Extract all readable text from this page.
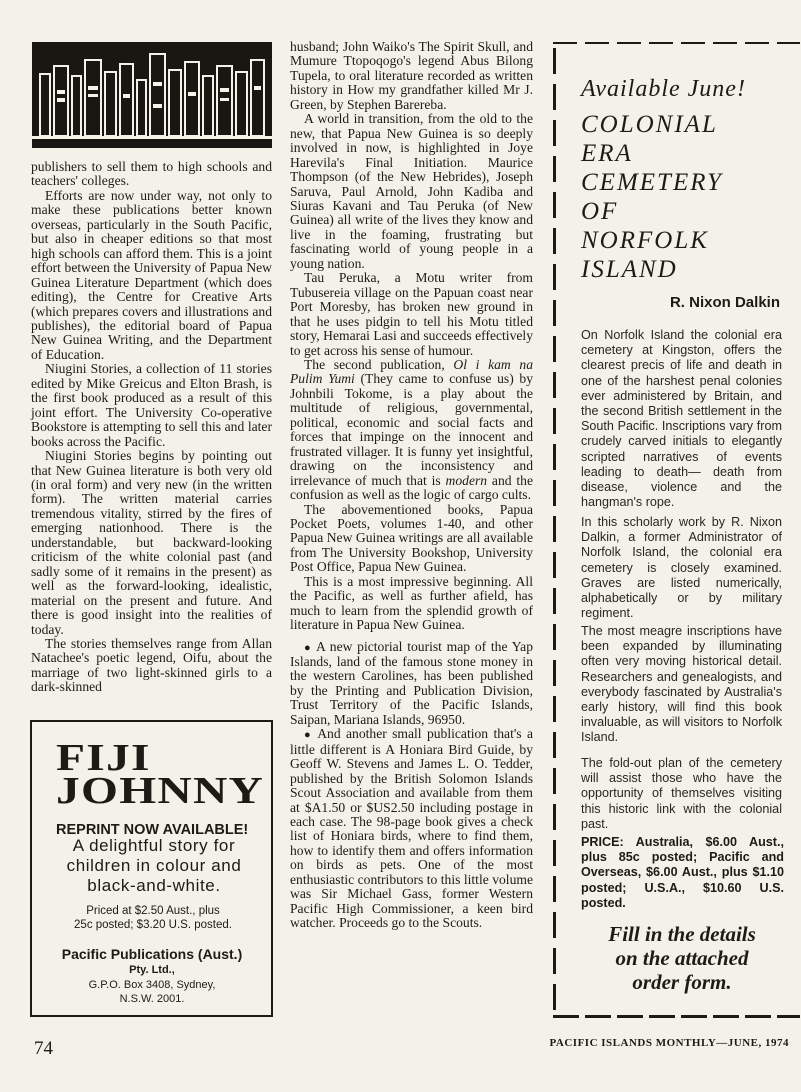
publishers to sell them to high schools and teachers' colleges.

Efforts are now under way, not only to make these publications better known overseas, particularly in the South Pacific, but also in cheaper editions so that most high schools can afford them. This is a joint effort between the University of Papua New Guinea Literature Department (which does editing), the Centre for Creative Arts (which prepares covers and illustrations and publishes), the editorial board of Papua New Guinea Writing, and the Department of Education.

Niugini Stories, a collection of 11 stories edited by Mike Greicus and Elton Brash, is the first book produced as a result of this joint effort. The University Co-operative Bookstore is attempting to sell this and later books across the Pacific.

Niugini Stories begins by pointing out that New Guinea literature is both very old (in oral form) and very new (in the written form). The written material carries tremendous vitality, stirred by the fires of emerging nationhood. There is the understandable, but backward-looking criticism of the white colonial past (and sadly some of it remains in the present) as well as the forward-looking, idealistic, material on the present and future. And there is good insight into the realities of today.

The stories themselves range from Allan Natachee's poetic legend, Oifu, about the marriage of two light-skinned girls to a dark-skinned

husband; John Waiko's The Spirit Skull, and Mumure Ttopoqogo's legend Abus Bilong Tupela, to oral literature recorded as written history in How my grandfather killed Mr J. Green, by Stephen Barereba.

A world in transition, from the old to the new, that Papua New Guinea is so deeply involved in now, is highlighted in Joye Harevila's Final Initiation. Maurice Thompson (of the New Hebrides), Joseph Saruva, Paul Arnold, John Kadiba and Siuras Kavani and Tau Peruka (of New Guinea) all write of the lives they know and live in the foaming, frustrating but fascinating world of young people in a young nation.

Tau Peruka, a Motu writer from Tubusereia village on the Papuan coast near Port Moresby, has broken new ground in that he uses pidgin to tell his Motu titled story, Hemarai Lasi and succeeds effectively to get across his sense of humour.

The second publication, Ol i kam na Pulim Yumi (They came to confuse us) by Johnbili Tokome, is a play about the multitude of religious, governmental, political, economic and social facts and forces that impinge on the innocent and frustrated villager. It is funny yet insightful, drawing on the inconsistency and irrelevance of much that is modern and the confusion as well as the logic of cargo cults.

The abovementioned books, Papua Pocket Poets, volumes 1-40, and other Papua New Guinea writings are all available from The University Bookshop, University Post Office, Papua New Guinea.

This is a most impressive beginning. All the Pacific, as well as further afield, has much to learn from the splendid growth of literature in Papua New Guinea.

● A new pictorial tourist map of the Yap Islands, land of the famous stone money in the western Carolines, has been published by the Printing and Publication Division, Trust Territory of the Pacific Islands, Saipan, Mariana Islands, 96950.

● And another small publication that's a little different is A Honiara Bird Guide, by Geoff W. Stevens and James L. O. Tedder, published by the British Solomon Islands Scout Association and available from them at $A1.50 or $US2.50 including postage in each case. The 98-page book gives a check list of Honiara birds, where to find them, how to identify them and offers information on birds as pets. One of the most enthusiastic contributors to this little volume was Sir Michael Gass, former Western Pacific High Commissioner, a keen bird watcher. Proceeds go to the Scouts.

FIJI
JOHNNY
REPRINT NOW AVAILABLE!
A delightful story for
children in colour and
black-and-white.
Priced at $2.50 Aust., plus
25c posted; $3.20 U.S. posted.
Pacific Publications (Aust.)
Pty. Ltd.,
G.P.O. Box 3408, Sydney,
N.S.W. 2001.
Available June!
COLONIAL
ERA
CEMETERY
OF
NORFOLK
ISLAND
R. Nixon Dalkin
On Norfolk Island the colonial era cemetery at Kingston, offers the clearest precis of life and death in one of the harshest penal colonies ever administered by Britain, and the second British settlement in the South Pacific. Inscriptions vary from crudely carved initials to elegantly scripted narratives of events leading to death— death from disease, violence and the hangman's rope.
In this scholarly work by R. Nixon Dalkin, a former Administrator of Norfolk Island, the colonial era cemetery is closely examined. Graves are listed numerically, alphabetically or by military regiment.
The most meagre inscriptions have been expanded by illuminating often very moving historical detail. Researchers and genealogists, and everybody fascinated by Australia's early history, will find this book invaluable, as will visitors to Norfolk Island.
The fold-out plan of the cemetery will assist those who have the opportunity of themselves visiting this historic link with the colonial past.
PRICE: Australia, $6.00 Aust., plus 85c posted; Pacific and Overseas, $6.00 Aust., plus $1.10 posted; U.S.A., $10.60 U.S. posted.
Fill in the details
on the attached
order form.
74	PACIFIC ISLANDS MONTHLY—JUNE, 1974
